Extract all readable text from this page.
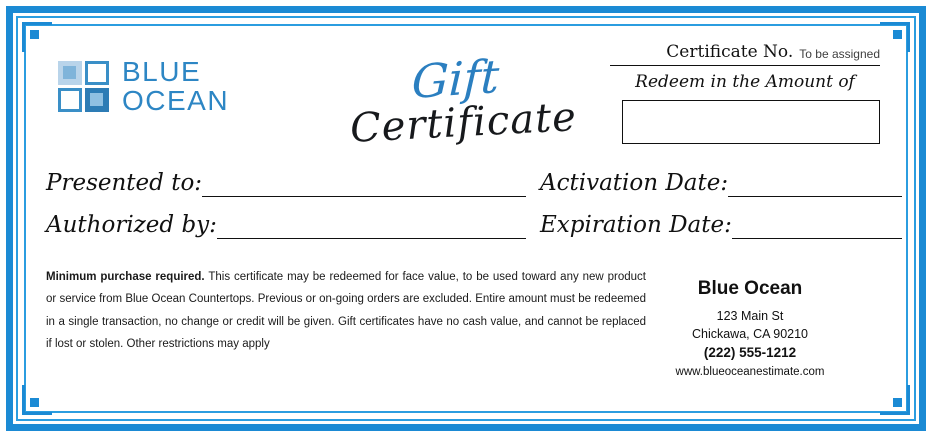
BLUE
OCEAN	Gift
Certificate
Certificate No. To be assigned
Redeem in the Amount of
Presented to:
Authorized by:
Activation Date:
Expiration Date:
Minimum purchase required. This certificate may be redeemed for face value, to be used toward any new product or service from Blue Ocean Countertops. Previous or on-going orders are excluded. Entire amount must be redeemed in a single transaction, no change or credit will be given. Gift certificates have no cash value, and cannot be replaced if lost or stolen. Other restrictions may apply
Blue Ocean
123 Main St
Chickawa, CA 90210
(222) 555-1212
www.blueoceanestimate.com
